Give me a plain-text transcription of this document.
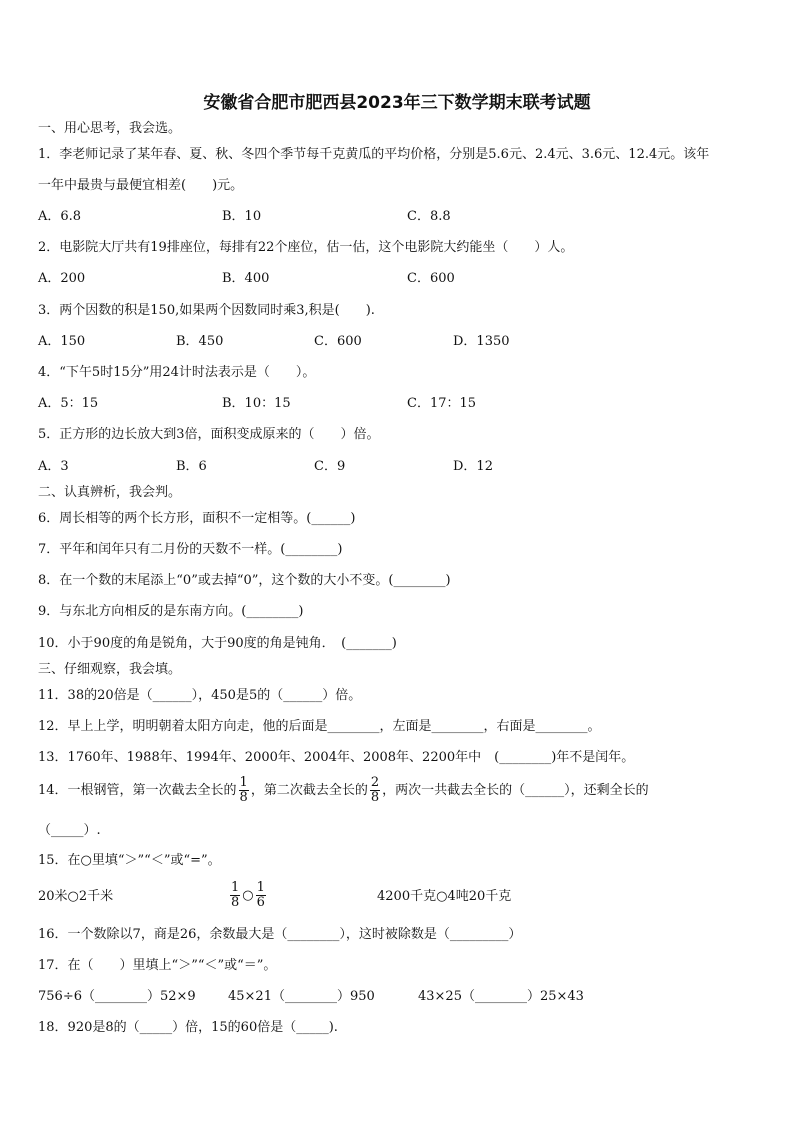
安徽省合肥市肥西县2023年三下数学期末联考试题
一、用心思考，我会选。
1．李老师记录了某年春、夏、秋、冬四个季节每千克黄瓜的平均价格，分别是5.6元、2.4元、3.6元、12.4元。该年
一年中最贵与最便宜相差(　　)元。
A．6.8	B．10	C．8.8
2．电影院大厅共有19排座位，每排有22个座位，估一估，这个电影院大约能坐（　　）人。
A．200	B．400	C．600
3．两个因数的积是150,如果两个因数同时乘3,积是(　　).
A．150	B．450	C．600	D．1350
4．“下午5时15分”用24计时法表示是（　　）。
A．5：15	B．10：15	C．17：15
5．正方形的边长放大到3倍，面积变成原来的（　　）倍。
A．3	B．6	C．9	D．12
二、认真辨析，我会判。
6．周长相等的两个长方形，面积不一定相等。(______)
7．平年和闰年只有二月份的天数不一样。(________)
8．在一个数的末尾添上“0”或去掉“0”，这个数的大小不变。(________)
9．与东北方向相反的是东南方向。(________)
10．小于90度的角是锐角，大于90度的角是钝角．　(_______)
三、仔细观察，我会填。
11．38的20倍是（______），450是5的（______）倍。
12．早上上学，明明朝着太阳方向走，他的后面是________，左面是________，右面是________。
13．1760年、1988年、1994年、2000年、2004年、2008年、2200年中　(________)年不是闰年。
14．一根钢管，第一次截去全长的 $\frac{1}{8}$ ，第二次截去全长的 $\frac{2}{8}$ ，两次一共截去全长的（______），还剩全长的
（_____）.
15．在○里填“＞”“＜”或“=”。
20米○2千米	$\frac{1}{8}$ ○ $\frac{1}{6}$	4200千克○4吨20千克
16．一个数除以7，商是26，余数最大是（________），这时被除数是（_________）
17．在（　　）里填上“＞”“＜”或“＝”。
756÷6（________）52×9 45×21（________）950	43×25（________）25×43
18．920是8的（_____）倍，15的60倍是（_____).
